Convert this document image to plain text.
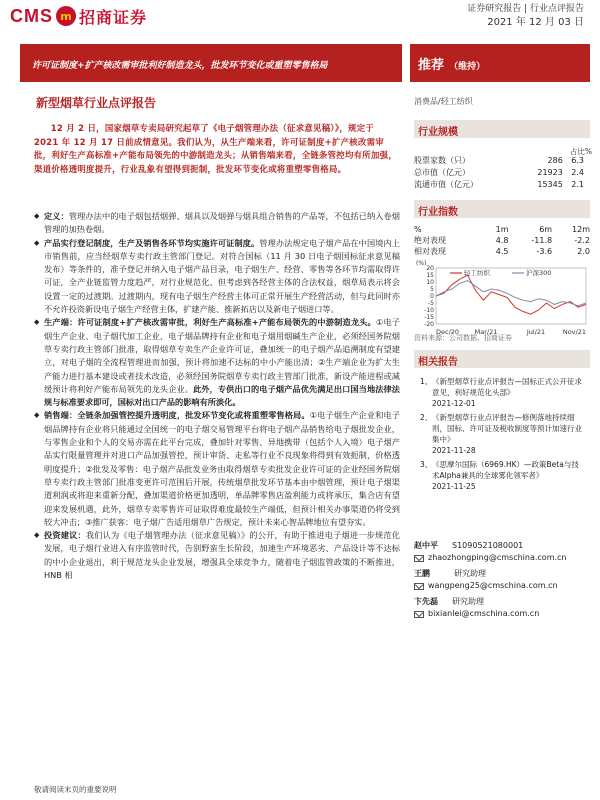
CMS m 招商证券	证券研究报告 | 行业点评报告
2021 年 12 月 03 日
许可证制度+扩产核改需审批利好制造龙头，批发环节变化或重塑零售格局	推荐 （维持）
新型烟草行业点评报告	消费品/轻工纺织
12 月 2 日，国家烟草专卖局研究起草了《电子烟管理办法（征求意见稿）》，规定于 2021 年 12 月 17 日前成情意见。我们认为，从生产端来看，许可证制度+扩产核改需审批，利好生产高标准+产能布局领先的中游制造龙头；从销售端来看，全链条管控均有所加强，渠道价格透明度提升，行业乱象有望得到扼制，批发环节变化或将重塑零售格局。
◆ 定义：管理办法中的电子烟包括烟弹、烟具以及烟弹与烟具组合销售的产品等，不包括已纳入卷烟管理的加热卷烟。
◆ 产品实行登记制度，生产及销售各环节均实施许可证制度。管理办法规定电子烟产品在中国境内上市销售前，应当经烟草专卖行政主管部门登记。对符合国标（11 月 30 日电子烟国标征求意见稿发布）等条件的，准予登记并纳入电子烟产品目录，电子烟生产、经营、零售等各环节均需取得许可证，全产业链监管力度趋严，对行业规范化、但考虑到各经营主体的合法权益，烟草局表示将会设置一定的过渡期。过渡期内，现有电子烟生产经营主体可正常开展生产经营活动，但与此同时亦不允许投资新设电子烟生产经营主体，扩建产能、推新拓店以及新电子烟进口等。
◆ 生产端：许可证制度+扩产核改需审批，利好生产高标准+产能布局领先的中游制造龙头。①电子烟生产企业、电子烟代加工企业、电子烟品牌持有企业和电子烟用烟碱生产企业，必须经国务院烟草专卖行政主管部门批准，取得烟草专卖生产企业许可证，叠加统一的电子烟产品追溯制度有望建立，对电子烟的全流程管理进而加强，预计将加速不达标的中小产能出清；②生产端企业为扩大生产能力进行基本建设或者技术改造，必须经国务院烟草专卖行政主管部门批准，新设产能进程或减缓预计将利好产能布局领先的龙头企业。此外，专供出口的电子烟产品优先满足出口国当地法律法规与标准要求即可，国标对出口产品的影响有所淡化。
◆ 销售端：全链条加强管控提升透明度，批发环节变化或将重塑零售格局。①电子烟生产企业和电子烟品牌持有企业将只能通过全国统一的电子烟交易管理平台将电子烟产品销售给电子烟批发企业，与零售企业和个人的交易亦需在此平台完成，叠加针对零售、异地携带（包括个人入境）电子烟产品实行限量管理并对进口产品加强管控，预计审货、走私等行业不良现象将得到有效扼制，价格透明度提升；②批发及零售：电子烟产品批发业务由取得烟草专卖批发企业许可证的企业经国务院烟草专卖行政主管部门批准变更许可范围后开展，传统烟草批发环节基本由中烟管理，预计电子烟渠道利润或将迎来重新分配，叠加渠道价格更加透明，单品牌零售店盈利能力或将承压，集合店有望迎来发展机遇，此外，烟草专卖零售许可证取得难度最较生产端低，但预计相关办事渠道仍将受到较大冲击；③推广获客：电子烟广告适用烟草广告规定，预计未来心智品牌地位有望夯实。
◆ 投资建议：我们认为《电子烟管理办法（征求意见稿）》的公开，有助于推进电子烟进一步规范化发展，电子烟行业进入有序监管时代，告别野蛮生长阶段，加速生产环境恶劣、产品设计等不达标的中小企业退出，利于规范龙头企业发展，增强具全球竞争力，随着电子烟监管政策的不断推进，HNB 相
行业规模
占比%
股票家数（只）	286	6.3
总市值（亿元）	21923	2.4
流通市值（亿元）	15345	2.1
行业指数
%	1m	6m	12m
绝对表现	4.8	-11.8	-2.2
相对表现	4.5	-3.6	2.0
20
15
10
5
0
-5
-10
-15
-20
(%)
Dec/20 Mar/21	Jul/21	Nov/21
轻工纺织	沪深300
资料来源：公司数据、招商证券
相关报告
1、 《新型烟草行业点评报告—国标正式公开征求意见，利好规范化头部》
2021-12-01
2、 《新型烟草行业点评报告—修例落地持续细则，国标、许可证及税收制度等预计加速行业集中》
2021-11-28
3、 《思摩尔国际（6969.HK）—政策Beta与技术Alpha兼具的全球雾化领军者》
2021-11-25
赵中平 S1090521080001
zhaozhongping@cmschina.com.cn
王鹏	研究助理
wangpeng25@cmschina.com.cn
卞先磊 研究助理
bixianlei@cmschina.com.cn
敬请阅读末页的重要说明
